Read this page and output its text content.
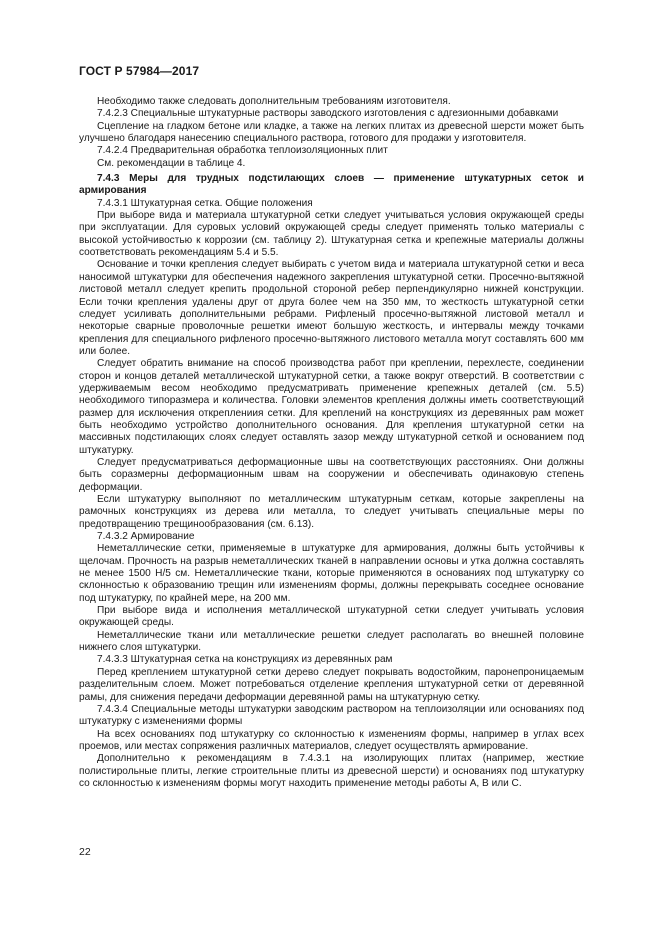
ГОСТ Р 57984—2017

Необходимо также следовать дополнительным требованиям изготовителя.

7.4.2.3 Специальные штукатурные растворы заводского изготовления с адгезионными добавками

Сцепление на гладком бетоне или кладке, а также на легких плитах из древесной шерсти может быть улучшено благодаря нанесению специального раствора, готового для продажи у изготовителя.

7.4.2.4 Предварительная обработка теплоизоляционных плит

См. рекомендации в таблице 4.

7.4.3 Меры для трудных подстилающих слоев — применение штукатурных сеток и армирования

7.4.3.1 Штукатурная сетка. Общие положения

При выборе вида и материала штукатурной сетки следует учитываться условия окружающей среды при эксплуатации. Для суровых условий окружающей среды следует применять только материалы с высокой устойчивостью к коррозии (см. таблицу 2). Штукатурная сетка и крепежные материалы должны соответствовать рекомендациям 5.4 и 5.5.

Основание и точки крепления следует выбирать с учетом вида и материала штукатурной сетки и веса наносимой штукатурки для обеспечения надежного закрепления штукатурной сетки. Просечно-вытяжной листовой металл следует крепить продольной стороной ребер перпендикулярно нижней конструкции. Если точки крепления удалены друг от друга более чем на 350 мм, то жесткость штукатурной сетки следует усиливать дополнительными ребрами. Рифленый просечно-вытяжной листовой металл и некоторые сварные проволочные решетки имеют большую жесткость, и интервалы между точками крепления для специального рифленого просечно-вытяжного листового металла могут составлять 600 мм или более.

Следует обратить внимание на способ производства работ при креплении, перехлесте, соединении сторон и концов деталей металлической штукатурной сетки, а также вокруг отверстий. В соответствии с удерживаемым весом необходимо предусматривать применение крепежных деталей (см. 5.5) необходимого типоразмера и количества. Головки элементов крепления должны иметь соответствующий размер для исключения откреплениия сетки. Для креплений на конструкциях из деревянных рам может быть необходимо устройство дополнительного основания. Для крепления штукатурной сетки на массивных подстилающих слоях следует оставлять зазор между штукатурной сеткой и основанием под штукатурку.

Следует предусматриваться деформационные швы на соответствующих расстояниях. Они должны быть соразмерны деформационным швам на сооружении и обеспечивать одинаковую степень деформации.

Если штукатурку выполняют по металлическим штукатурным сеткам, которые закреплены на рамочных конструкциях из дерева или металла, то следует учитывать специальные меры по предотвращению трещинообразования (см. 6.13).

7.4.3.2 Армирование

Неметаллические сетки, применяемые в штукатурке для армирования, должны быть устойчивы к щелочам. Прочность на разрыв неметаллических тканей в направлении основы и утка должна составлять не менее 1500 Н/5 см. Неметаллические ткани, которые применяются в основаниях под штукатурку со склонностью к образованию трещин или изменениям формы, должны перекрывать соседнее основание под штукатурку, по крайней мере, на 200 мм.

При выборе вида и исполнения металлической штукатурной сетки следует учитывать условия окружающей среды.

Неметаллические ткани или металлические решетки следует располагать во внешней половине нижнего слоя штукатурки.

7.4.3.3 Штукатурная сетка на конструкциях из деревянных рам

Перед креплением штукатурной сетки дерево следует покрывать водостойким, паронепроницаемым разделительным слоем. Может потребоваться отделение крепления штукатурной сетки от деревянной рамы, для снижения передачи деформации деревянной рамы на штукатурную сетку.

7.4.3.4 Специальные методы штукатурки заводским раствором на теплоизоляции или основаниях под штукатурку с изменениями формы

На всех основаниях под штукатурку со склонностью к изменениям формы, например в углах всех проемов, или местах сопряжения различных материалов, следует осуществлять армирование.

Дополнительно к рекомендациям в 7.4.3.1 на изолирующих плитах (например, жесткие полистирольные плиты, легкие строительные плиты из древесной шерсти) и основаниях под штукатурку со склонностью к изменениям формы могут находить применение методы работы А, В или С.

22
